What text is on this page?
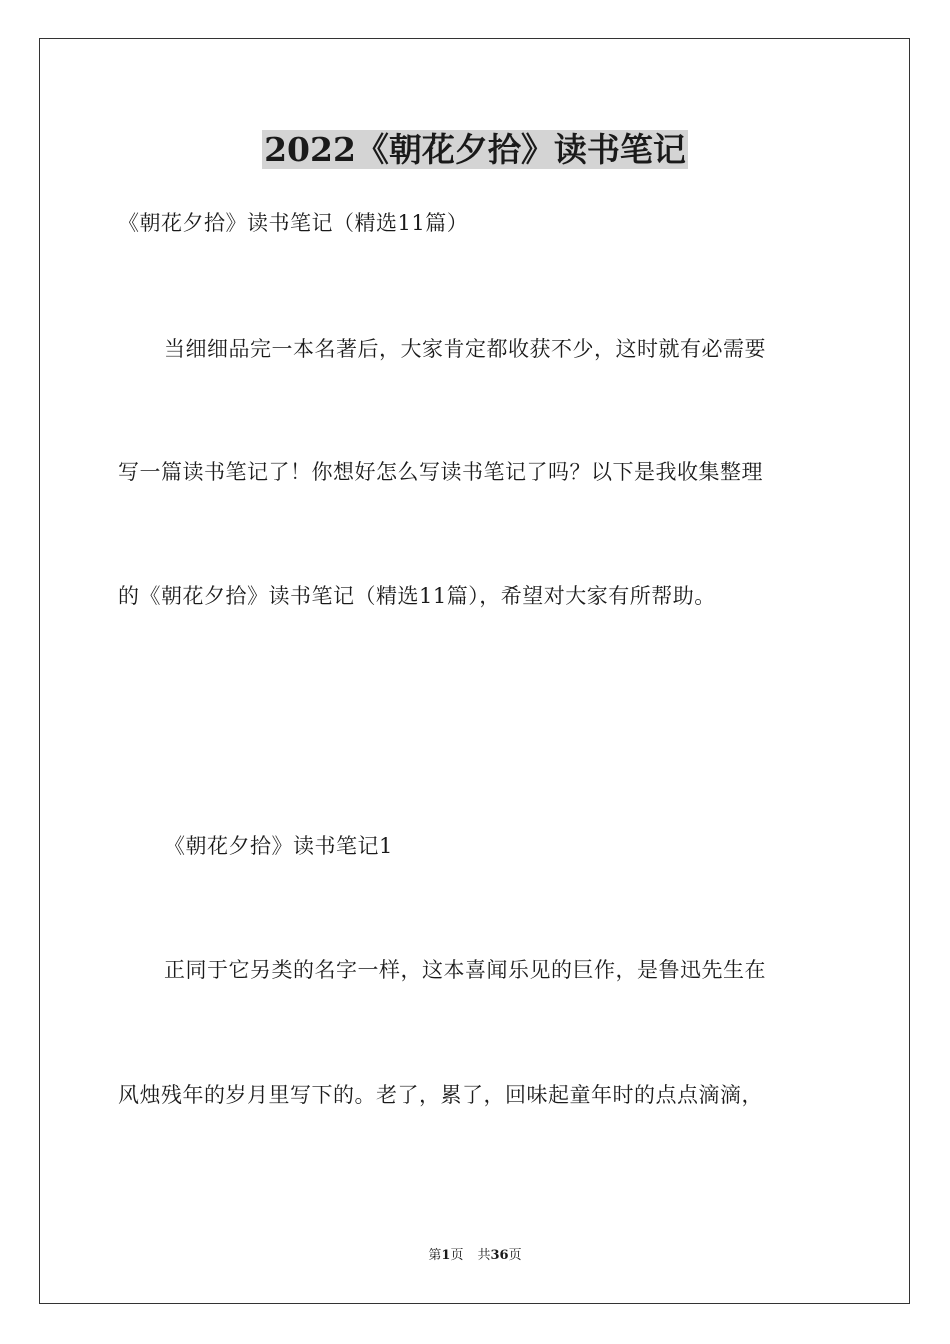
2022《朝花夕拾》读书笔记

《朝花夕拾》读书笔记（精选11篇）

当细细品完一本名著后，大家肯定都收获不少，这时就有必需要

写一篇读书笔记了！你想好怎么写读书笔记了吗？以下是我收集整理

的《朝花夕拾》读书笔记（精选11篇），希望对大家有所帮助。

《朝花夕拾》读书笔记1

正同于它另类的名字一样，这本喜闻乐见的巨作，是鲁迅先生在

风烛残年的岁月里写下的。老了，累了，回味起童年时的点点滴滴，

第1页 共36页
